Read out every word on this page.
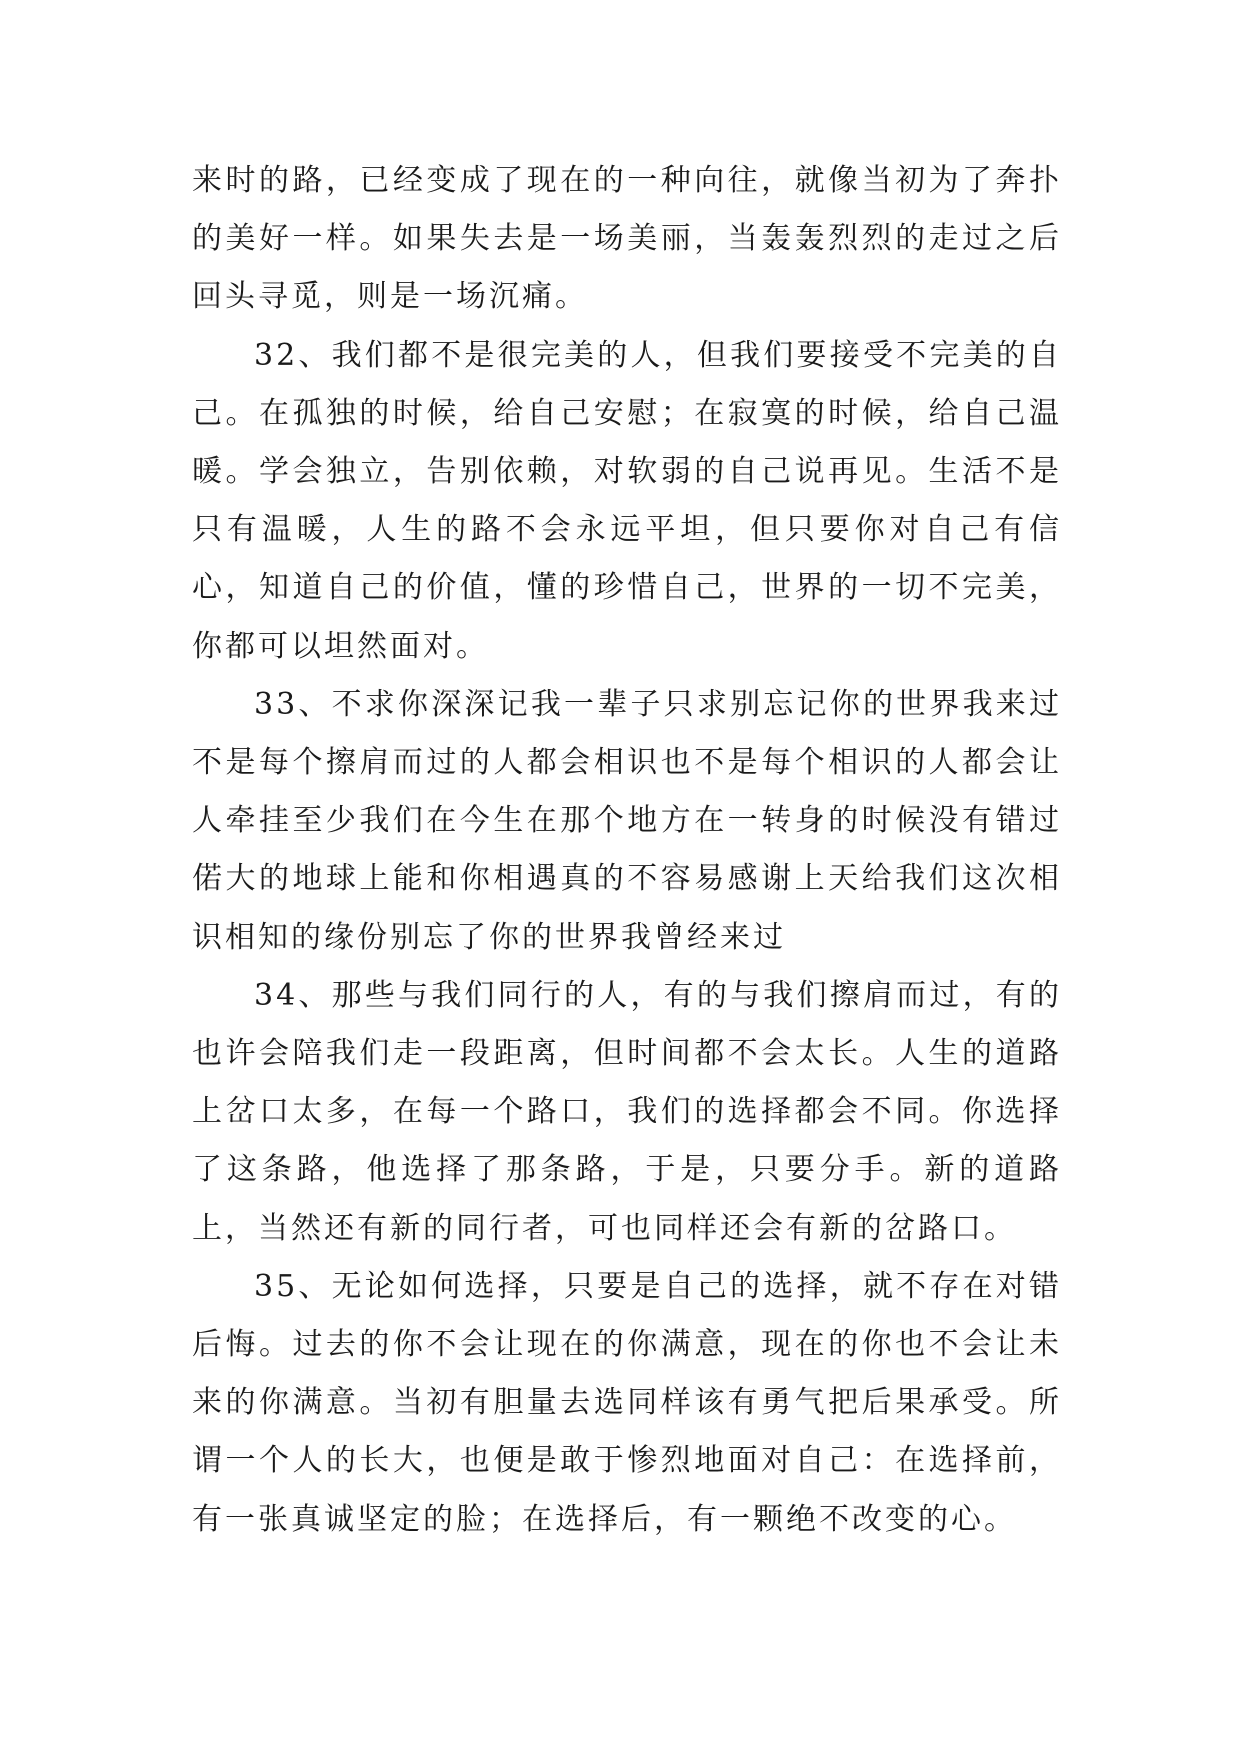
来时的路，已经变成了现在的一种向往，就像当初为了奔扑的美好一样。如果失去是一场美丽，当轰轰烈烈的走过之后回头寻觅，则是一场沉痛。

32、我们都不是很完美的人，但我们要接受不完美的自己。在孤独的时候，给自己安慰；在寂寞的时候，给自己温暖。学会独立，告别依赖，对软弱的自己说再见。生活不是只有温暖，人生的路不会永远平坦，但只要你对自己有信心，知道自己的价值，懂的珍惜自己，世界的一切不完美，你都可以坦然面对。

33、不求你深深记我一辈子只求别忘记你的世界我来过不是每个擦肩而过的人都会相识也不是每个相识的人都会让人牵挂至少我们在今生在那个地方在一转身的时候没有错过偌大的地球上能和你相遇真的不容易感谢上天给我们这次相识相知的缘份别忘了你的世界我曾经来过

34、那些与我们同行的人，有的与我们擦肩而过，有的也许会陪我们走一段距离，但时间都不会太长。人生的道路上岔口太多，在每一个路口，我们的选择都会不同。你选择了这条路，他选择了那条路，于是，只要分手。新的道路上，当然还有新的同行者，可也同样还会有新的岔路口。

35、无论如何选择，只要是自己的选择，就不存在对错后悔。过去的你不会让现在的你满意，现在的你也不会让未来的你满意。当初有胆量去选同样该有勇气把后果承受。所谓一个人的长大，也便是敢于惨烈地面对自己：在选择前，有一张真诚坚定的脸；在选择后，有一颗绝不改变的心。
